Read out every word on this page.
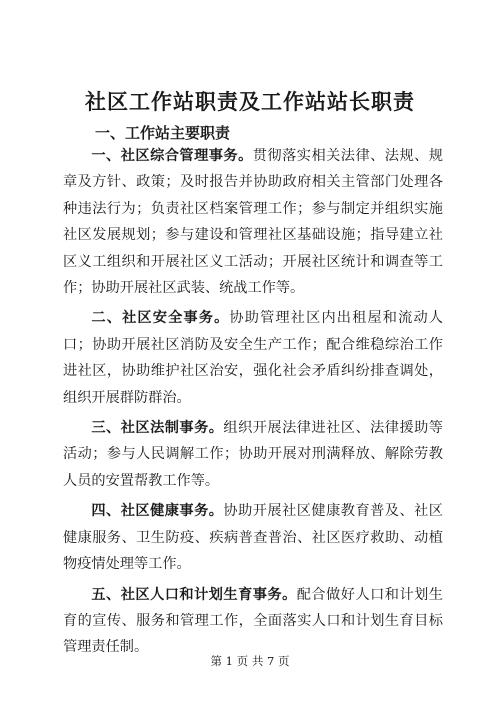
社区工作站职责及工作站站长职责
一、工作站主要职责

一、社区综合管理事务。贯彻落实相关法律、法规、规章及方针、政策；及时报告并协助政府相关主管部门处理各种违法行为；负责社区档案管理工作；参与制定并组织实施社区发展规划；参与建设和管理社区基础设施；指导建立社区义工组织和开展社区义工活动；开展社区统计和调查等工作；协助开展社区武装、统战工作等。

二、社区安全事务。协助管理社区内出租屋和流动人口；协助开展社区消防及安全生产工作；配合维稳综治工作进社区，协助维护社区治安，强化社会矛盾纠纷排查调处，组织开展群防群治。

三、社区法制事务。组织开展法律进社区、法律援助等活动；参与人民调解工作；协助开展对刑满释放、解除劳教人员的安置帮教工作等。

四、社区健康事务。协助开展社区健康教育普及、社区健康服务、卫生防疫、疾病普查普治、社区医疗救助、动植物疫情处理等工作。

五、社区人口和计划生育事务。配合做好人口和计划生育的宣传、服务和管理工作，全面落实人口和计划生育目标管理责任制。

第 1 页 共 7 页
